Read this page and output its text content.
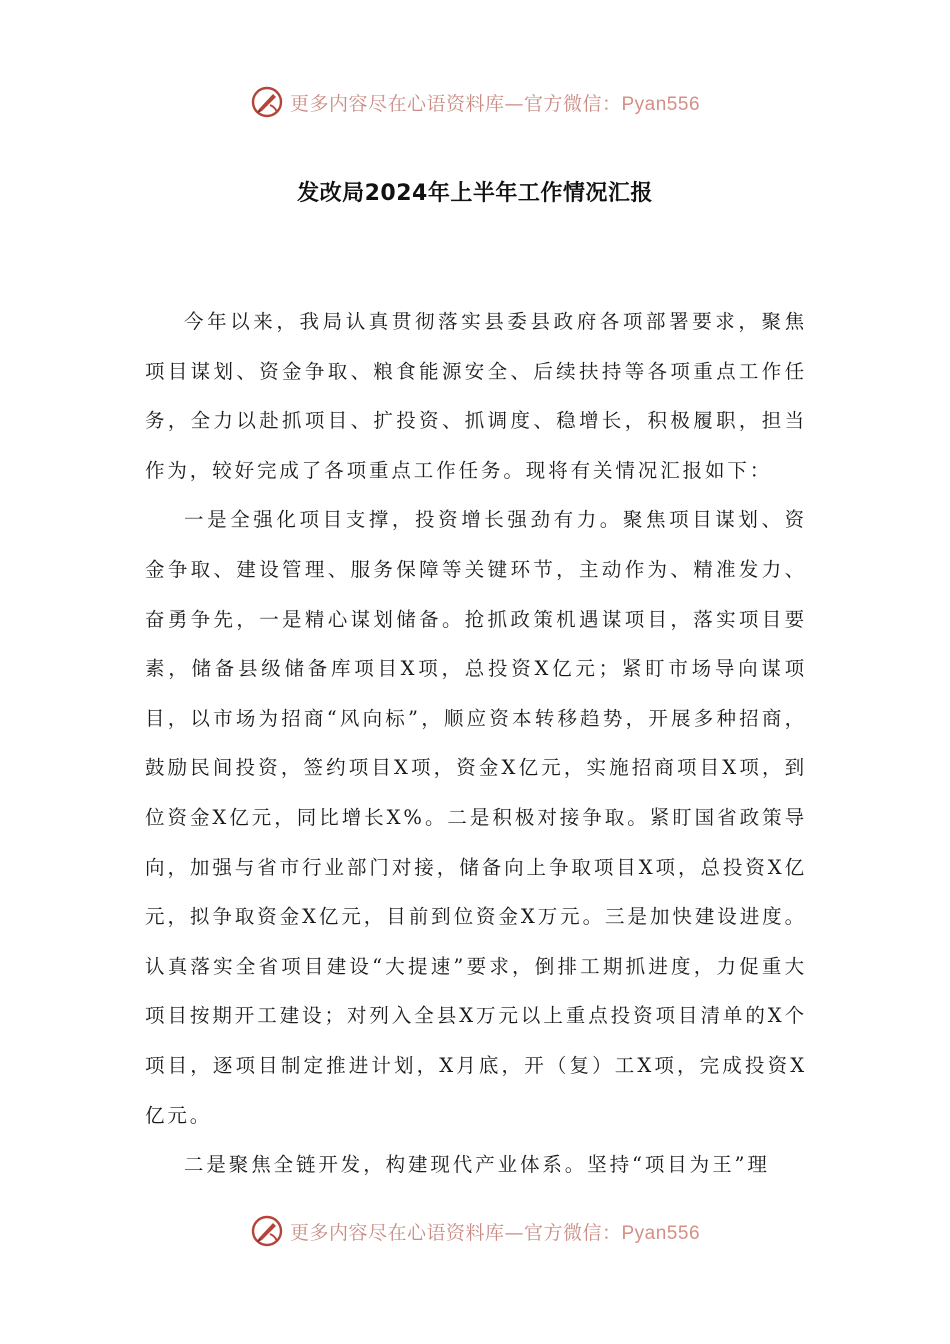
更多内容尽在心语资料库—官方微信：Pyan556
发改局2024年上半年工作情况汇报

今年以来，我局认真贯彻落实县委县政府各项部署要求，聚焦项目谋划、资金争取、粮食能源安全、后续扶持等各项重点工作任务，全力以赴抓项目、扩投资、抓调度、稳增长，积极履职，担当作为，较好完成了各项重点工作任务。现将有关情况汇报如下：

一是全强化项目支撑，投资增长强劲有力。聚焦项目谋划、资金争取、建设管理、服务保障等关键环节，主动作为、精准发力、奋勇争先，一是精心谋划储备。抢抓政策机遇谋项目，落实项目要素，储备县级储备库项目X项，总投资X亿元；紧盯市场导向谋项目，以市场为招商“风向标”，顺应资本转移趋势，开展多种招商，鼓励民间投资，签约项目X项，资金X亿元，实施招商项目X项，到位资金X亿元，同比增长X%。二是积极对接争取。紧盯国省政策导向，加强与省市行业部门对接，储备向上争取项目X项，总投资X亿元，拟争取资金X亿元，目前到位资金X万元。三是加快建设进度。认真落实全省项目建设“大提速”要求，倒排工期抓进度，力促重大项目按期开工建设；对列入全县X万元以上重点投资项目清单的X个项目，逐项目制定推进计划，X月底，开（复）工X项，完成投资X亿元。

二是聚焦全链开发，构建现代产业体系。坚持“项目为王”理

更多内容尽在心语资料库—官方微信：Pyan556
